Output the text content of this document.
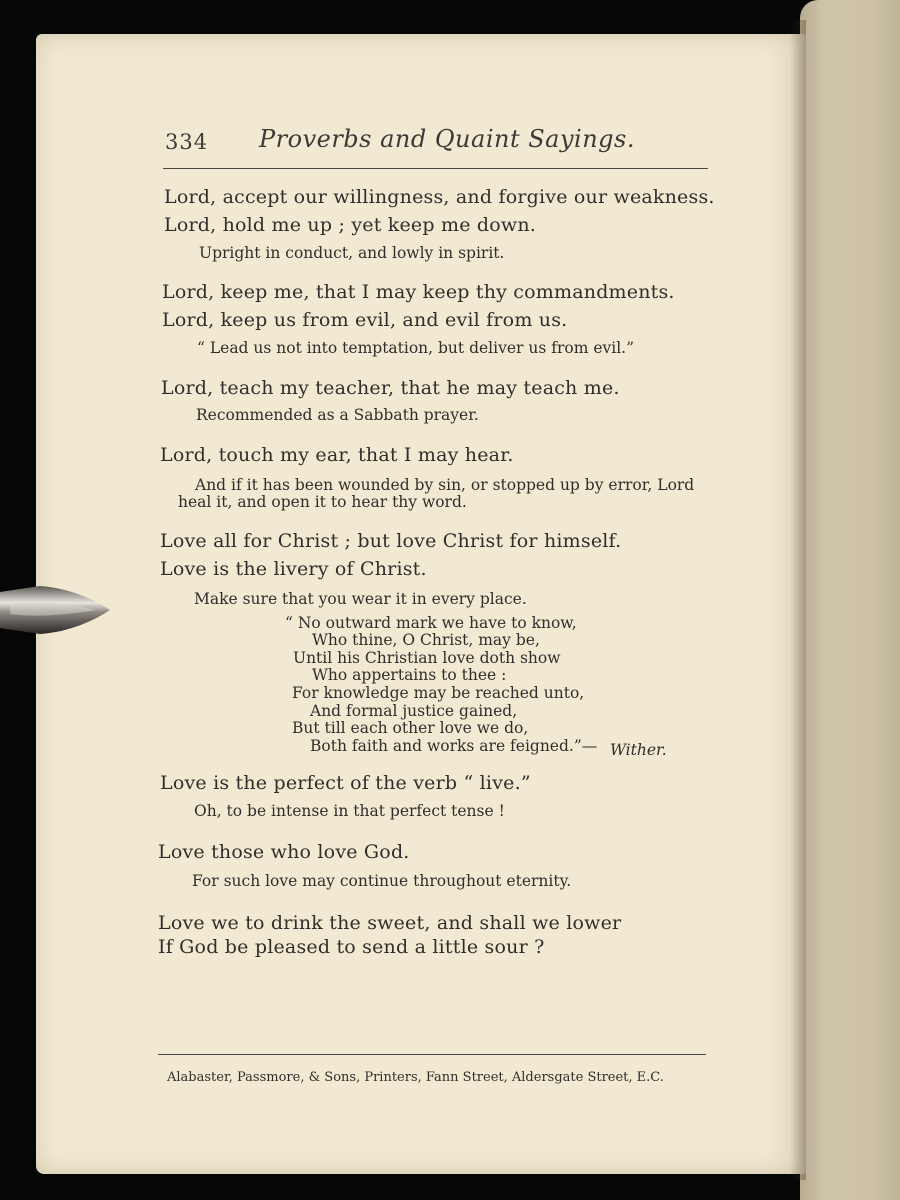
334 Proverbs and Quaint Sayings.
Lord, accept our willingness, and forgive our weakness.
Lord, hold me up ; yet keep me down.
Upright in conduct, and lowly in spirit.
Lord, keep me, that I may keep thy commandments.
Lord, keep us from evil, and evil from us.
“ Lead us not into temptation, but deliver us from evil.”
Lord, teach my teacher, that he may teach me.
Recommended as a Sabbath prayer.
Lord, touch my ear, that I may hear.
And if it has been wounded by sin, or stopped up by error, Lord
heal it, and open it to hear thy word.
Love all for Christ ; but love Christ for himself.
Love is the livery of Christ.
Make sure that you wear it in every place.
“ No outward mark we have to know,
Who thine, O Christ, may be,
Until his Christian love doth show
Who appertains to thee :
For knowledge may be reached unto,
And formal justice gained,
But till each other love we do,
Both faith and works are feigned.”— Wither.
Love is the perfect of the verb “ live.”
Oh, to be intense in that perfect tense !
Love those who love God.
For such love may continue throughout eternity.
Love we to drink the sweet, and shall we lower
If God be pleased to send a little sour ?
Alabaster, Passmore, & Sons, Printers, Fann Street, Aldersgate Street, E.C.
